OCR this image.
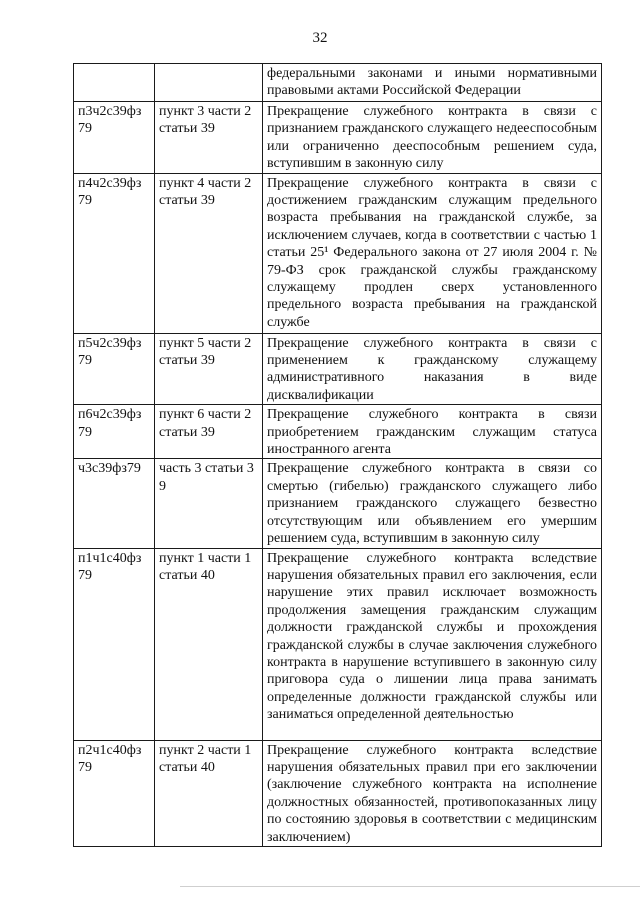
32
		федеральными законами и иными нормативными правовыми актами Российской Федерации
п3ч2с39фз 79	пункт 3 части 2 статьи 39	Прекращение служебного контракта в связи с признанием гражданского служащего недееспособным или ограниченно дееспособным решением суда, вступившим в законную силу
п4ч2с39фз 79	пункт 4 части 2 статьи 39	Прекращение служебного контракта в связи с достижением гражданским служащим предельного возраста пребывания на гражданской службе, за исключением случаев, когда в соответствии с частью 1 статьи 25¹ Федерального закона от 27 июля 2004 г. № 79-ФЗ срок гражданской службы гражданскому служащему продлен сверх установленного предельного возраста пребывания на гражданской службе
п5ч2с39фз 79	пункт 5 части 2 статьи 39	Прекращение служебного контракта в связи с применением к гражданскому служащему административного наказания в виде дисквалификации
п6ч2с39фз 79	пункт 6 части 2 статьи 39	Прекращение служебного контракта в связи приобретением гражданским служащим статуса иностранного агента
ч3с39фз79	часть 3 статьи 39	Прекращение служебного контракта в связи со смертью (гибелью) гражданского служащего либо признанием гражданского служащего безвестно отсутствующим или объявлением его умершим решением суда, вступившим в законную силу
п1ч1с40фз 79	пункт 1 части 1 статьи 40	Прекращение служебного контракта вследствие нарушения обязательных правил его заключения, если нарушение этих правил исключает возможность продолжения замещения гражданским служащим должности гражданской службы и прохождения гражданской службы в случае заключения служебного контракта в нарушение вступившего в законную силу приговора суда о лишении лица права занимать определенные должности гражданской службы или заниматься определенной деятельностью
п2ч1с40фз 79	пункт 2 части 1 статьи 40	Прекращение служебного контракта вследствие нарушения обязательных правил при его заключении (заключение служебного контракта на исполнение должностных обязанностей, противопоказанных лицу по состоянию здоровья в соответствии с медицинским заключением)
